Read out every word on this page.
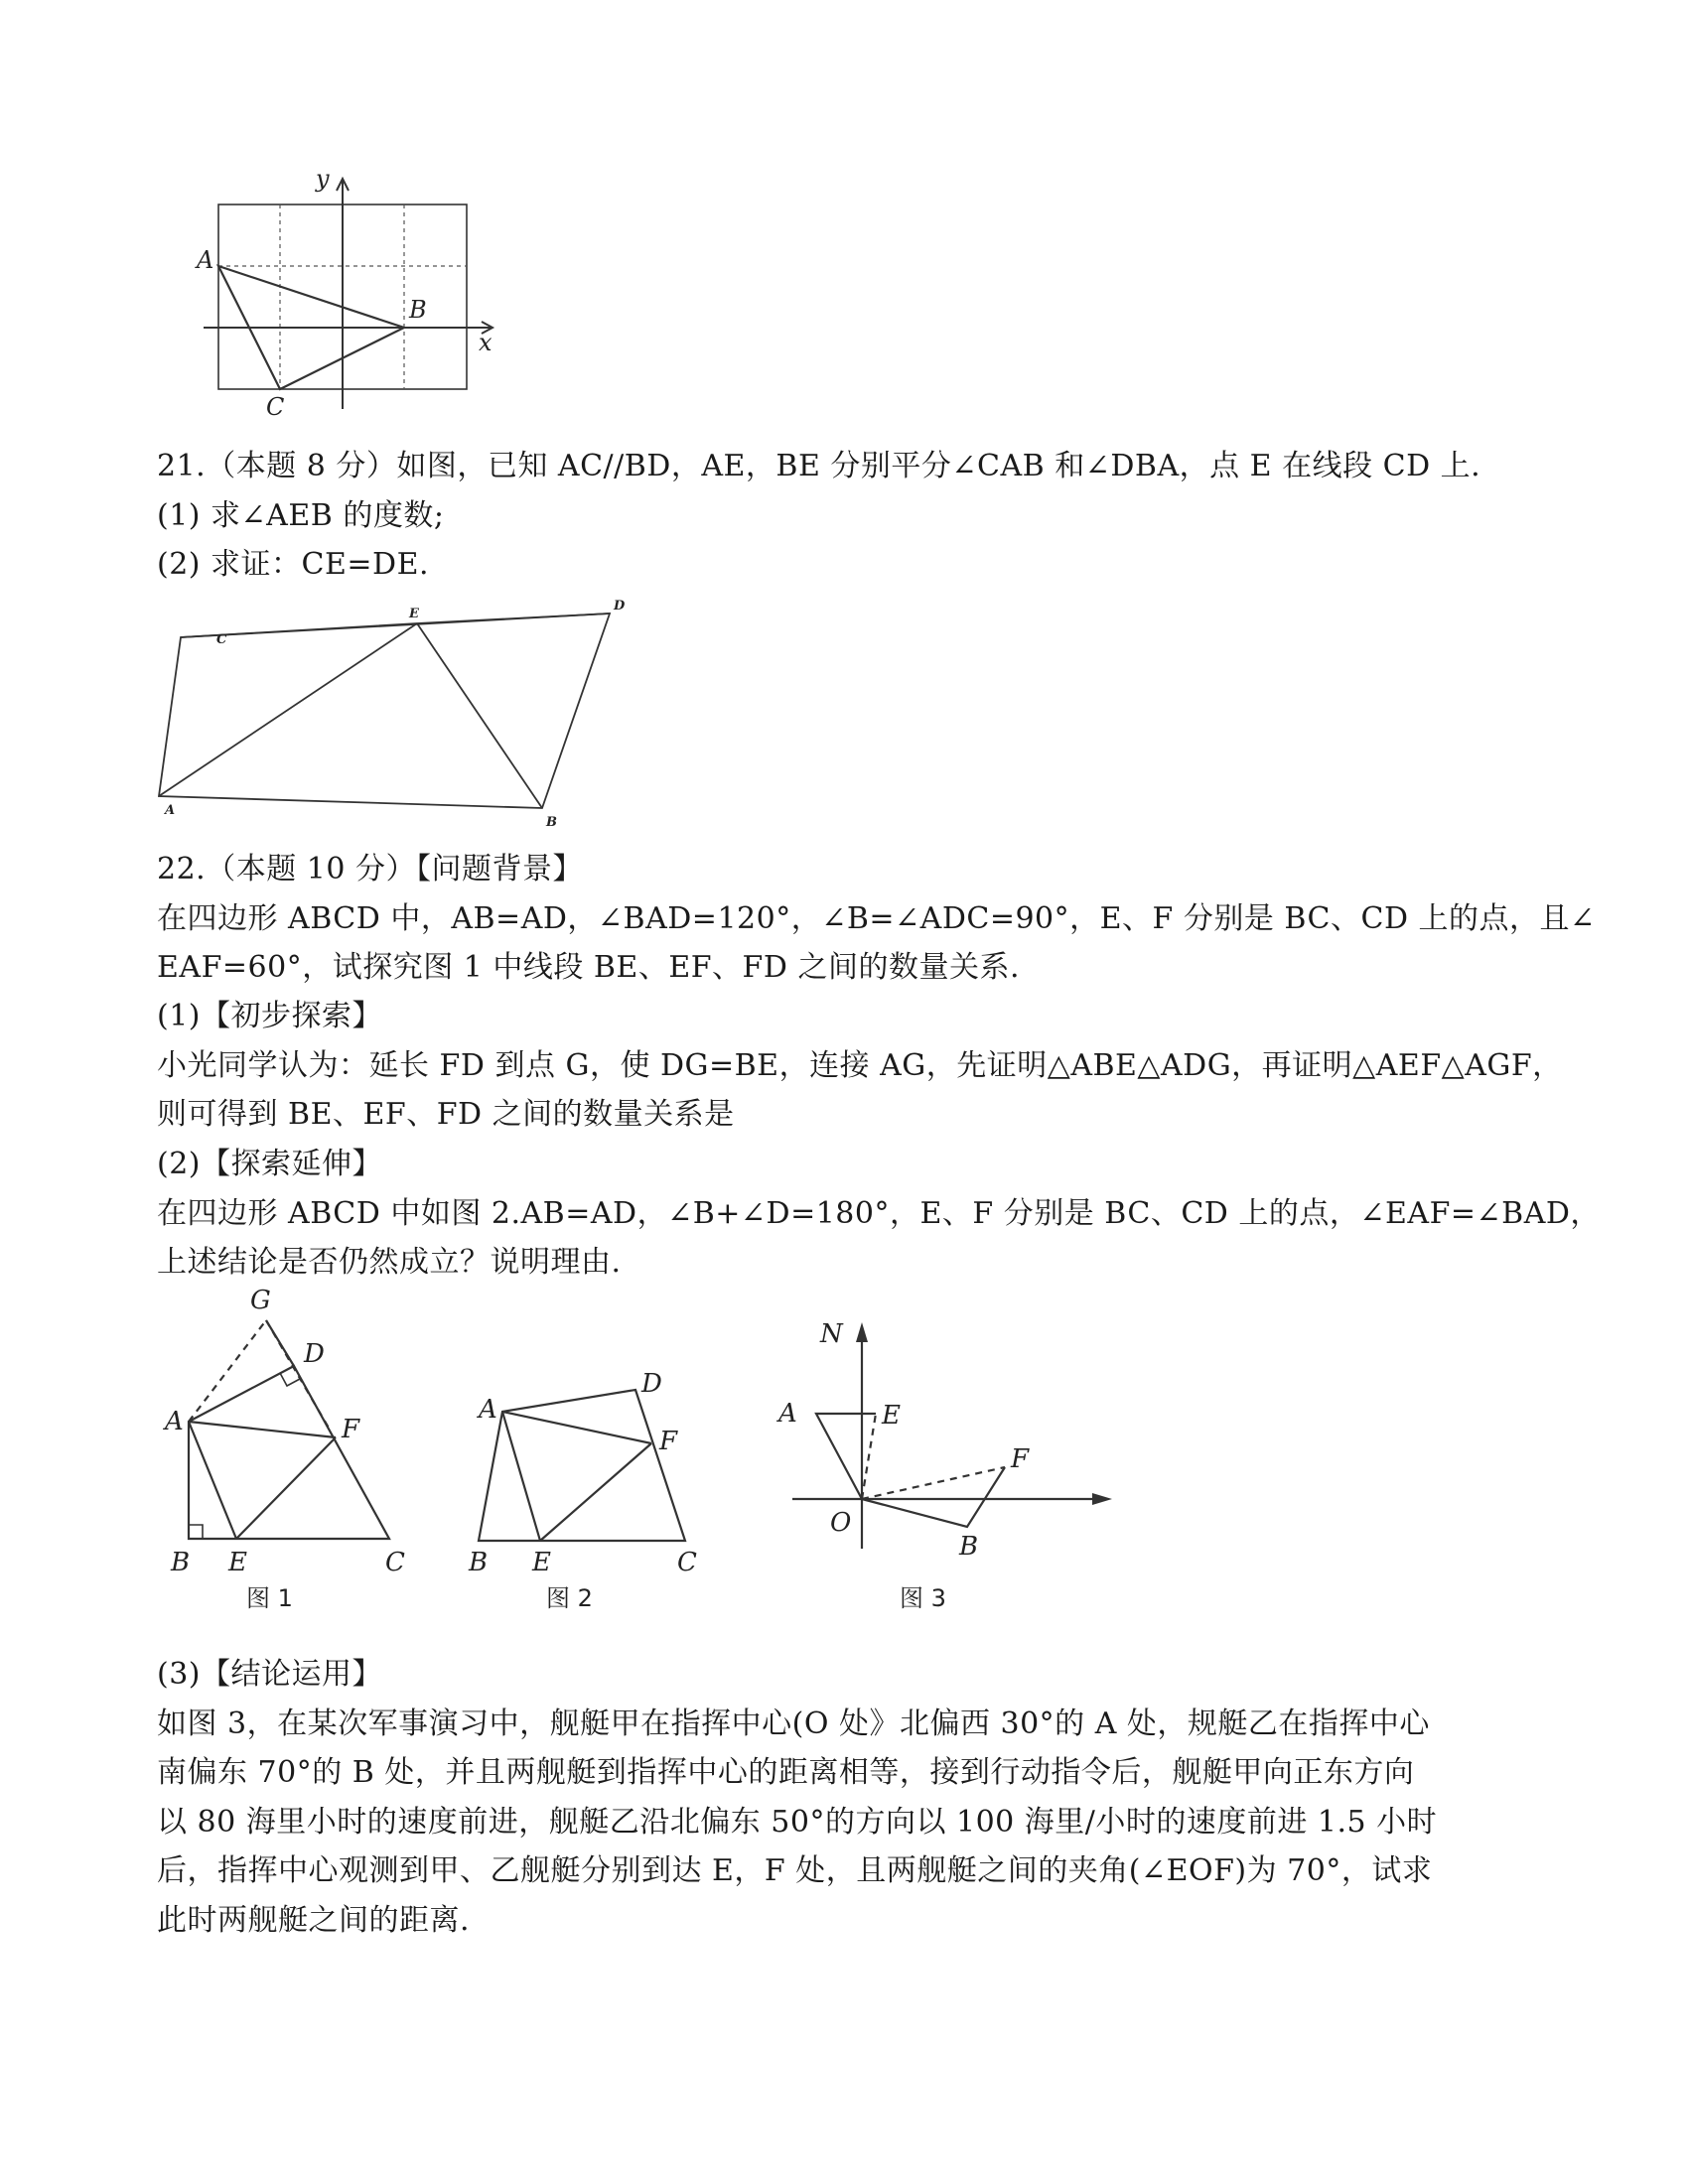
y
x
A
B
C
21.（本题 8 分）如图，已知 AC//BD，AE，BE 分别平分∠CAB 和∠DBA，点 E 在线段 CD 上.
(1) 求∠AEB 的度数;
(2) 求证：CE=DE.
C
E
D
A
B
22.（本题 10 分）【问题背景】
在四边形 ABCD 中，AB=AD，∠BAD=120°，∠B=∠ADC=90°，E、F 分别是 BC、CD 上的点，且∠
EAF=60°，试探究图 1 中线段 BE、EF、FD 之间的数量关系.
(1)【初步探索】
小光同学认为：延长 FD 到点 G，使 DG=BE，连接 AG，先证明△ABE△ADG，再证明△AEF△AGF，
则可得到 BE、EF、FD 之间的数量关系是
(2)【探索延伸】
在四边形 ABCD 中如图 2.AB=AD，∠B+∠D=180°，E、F 分别是 BC、CD 上的点，∠EAF=∠BAD，
上述结论是否仍然成立？说明理由.
G
D
A	F
B E	C
图 1
A
D
F
B E	C
图 2
N
A	E
F
O
B
图 3
(3)【结论运用】
如图 3，在某次军事演习中，舰艇甲在指挥中心(O 处》北偏西 30°的 A 处，规艇乙在指挥中心
南偏东 70°的 B 处，并且两舰艇到指挥中心的距离相等，接到行动指令后，舰艇甲向正东方向
以 80 海里小时的速度前进，舰艇乙沿北偏东 50°的方向以 100 海里/小时的速度前进 1.5 小时
后，指挥中心观测到甲、乙舰艇分别到达 E，F 处，且两舰艇之间的夹角(∠EOF)为 70°，试求
此时两舰艇之间的距离.
